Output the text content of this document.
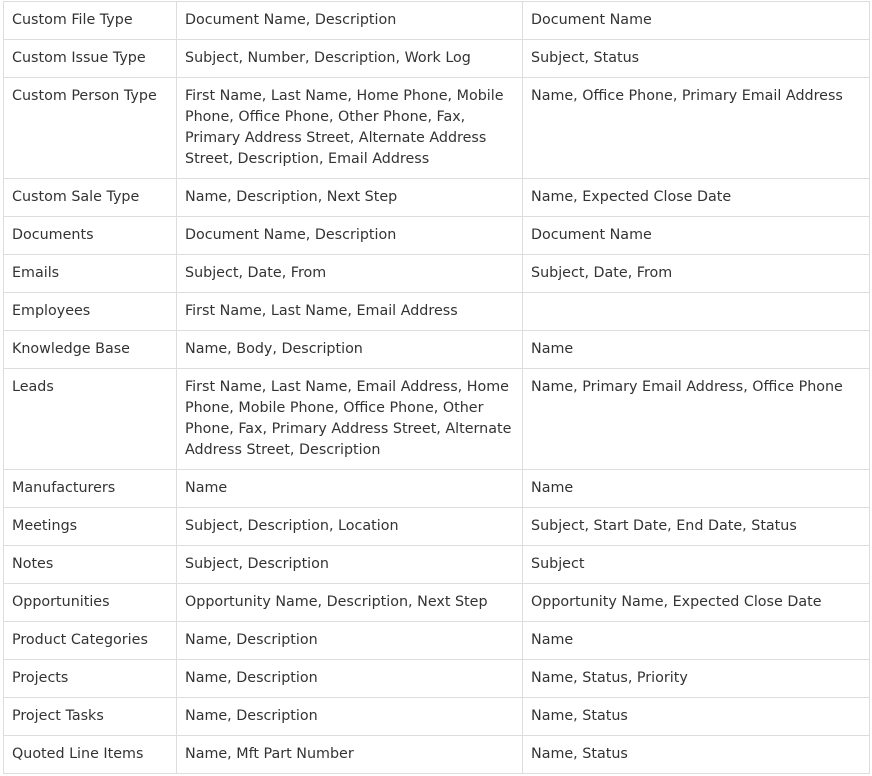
Custom File Type	Document Name, Description	Document Name
Custom Issue Type	Subject, Number, Description, Work Log	Subject, Status
Custom Person Type	First Name, Last Name, Home Phone, Mobile Phone, Office Phone, Other Phone, Fax, Primary Address Street, Alternate Address Street, Description, Email Address	Name, Office Phone, Primary Email Address
Custom Sale Type	Name, Description, Next Step	Name, Expected Close Date
Documents	Document Name, Description	Document Name
Emails	Subject, Date, From	Subject, Date, From
Employees	First Name, Last Name, Email Address	
Knowledge Base	Name, Body, Description	Name
Leads	First Name, Last Name, Email Address, Home Phone, Mobile Phone, Office Phone, Other Phone, Fax, Primary Address Street, Alternate Address Street, Description	Name, Primary Email Address, Office Phone
Manufacturers	Name	Name
Meetings	Subject, Description, Location	Subject, Start Date, End Date, Status
Notes	Subject, Description	Subject
Opportunities	Opportunity Name, Description, Next Step	Opportunity Name, Expected Close Date
Product Categories	Name, Description	Name
Projects	Name, Description	Name, Status, Priority
Project Tasks	Name, Description	Name, Status
Quoted Line Items	Name, Mft Part Number	Name, Status
